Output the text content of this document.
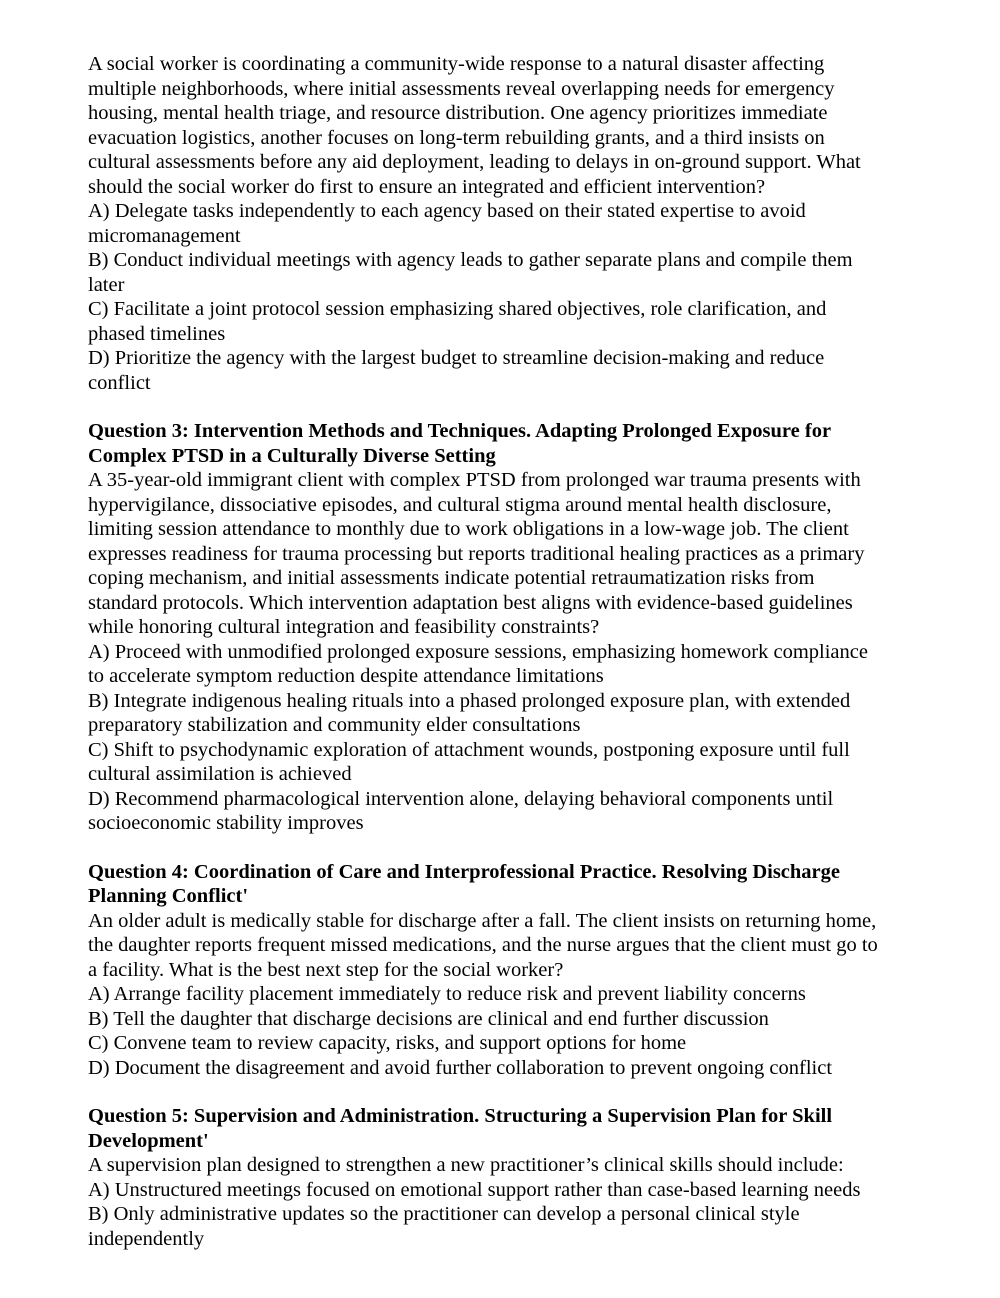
A social worker is coordinating a community-wide response to a natural disaster affecting multiple neighborhoods, where initial assessments reveal overlapping needs for emergency housing, mental health triage, and resource distribution. One agency prioritizes immediate evacuation logistics, another focuses on long-term rebuilding grants, and a third insists on cultural assessments before any aid deployment, leading to delays in on-ground support. What should the social worker do first to ensure an integrated and efficient intervention?

A) Delegate tasks independently to each agency based on their stated expertise to avoid micromanagement

B) Conduct individual meetings with agency leads to gather separate plans and compile them later

C) Facilitate a joint protocol session emphasizing shared objectives, role clarification, and phased timelines

D) Prioritize the agency with the largest budget to streamline decision-making and reduce conflict

Question 3: Intervention Methods and Techniques. Adapting Prolonged Exposure for Complex PTSD in a Culturally Diverse Setting

A 35-year-old immigrant client with complex PTSD from prolonged war trauma presents with hypervigilance, dissociative episodes, and cultural stigma around mental health disclosure, limiting session attendance to monthly due to work obligations in a low-wage job. The client expresses readiness for trauma processing but reports traditional healing practices as a primary coping mechanism, and initial assessments indicate potential retraumatization risks from standard protocols. Which intervention adaptation best aligns with evidence-based guidelines while honoring cultural integration and feasibility constraints?

A) Proceed with unmodified prolonged exposure sessions, emphasizing homework compliance to accelerate symptom reduction despite attendance limitations

B) Integrate indigenous healing rituals into a phased prolonged exposure plan, with extended preparatory stabilization and community elder consultations

C) Shift to psychodynamic exploration of attachment wounds, postponing exposure until full cultural assimilation is achieved

D) Recommend pharmacological intervention alone, delaying behavioral components until socioeconomic stability improves

Question 4: Coordination of Care and Interprofessional Practice. Resolving Discharge Planning Conflict'

An older adult is medically stable for discharge after a fall. The client insists on returning home, the daughter reports frequent missed medications, and the nurse argues that the client must go to a facility. What is the best next step for the social worker?

A) Arrange facility placement immediately to reduce risk and prevent liability concerns

B) Tell the daughter that discharge decisions are clinical and end further discussion

C) Convene team to review capacity, risks, and support options for home

D) Document the disagreement and avoid further collaboration to prevent ongoing conflict

Question 5: Supervision and Administration. Structuring a Supervision Plan for Skill Development'

A supervision plan designed to strengthen a new practitioner’s clinical skills should include:

A) Unstructured meetings focused on emotional support rather than case-based learning needs

B) Only administrative updates so the practitioner can develop a personal clinical style independently
